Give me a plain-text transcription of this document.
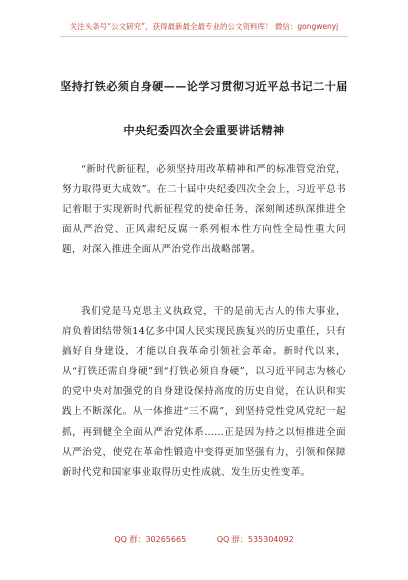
关注头条号“公文研究”，获得最新最全最专业的公文资料库！ 微信：gongwenyj
坚持打铁必须自身硬——论学习贯彻习近平总书记二十届
中央纪委四次全会重要讲话精神

“新时代新征程，必须坚持用改革精神和严的标准管党治党，努力取得更大成效”。在二十届中央纪委四次全会上，习近平总书记着眼于实现新时代新征程党的使命任务，深刻阐述纵深推进全面从严治党、正风肃纪反腐一系列根本性方向性全局性重大问题，对深入推进全面从严治党作出战略部署。

我们党是马克思主义执政党，干的是前无古人的伟大事业，肩负着团结带领14亿多中国人民实现民族复兴的历史重任，只有搞好自身建设，才能以自我革命引领社会革命。新时代以来，从“打铁还需自身硬”到“打铁必须自身硬”，以习近平同志为核心的党中央对加强党的自身建设保持高度的历史自觉，在认识和实践上不断深化。从一体推进“三不腐”，到坚持党性党风党纪一起抓，再到健全全面从严治党体系……正是因为持之以恒推进全面从严治党，使党在革命性锻造中变得更加坚强有力，引领和保障新时代党和国家事业取得历史性成就、发生历史性变革。

QQ 群：30265665	QQ 群：535304092
